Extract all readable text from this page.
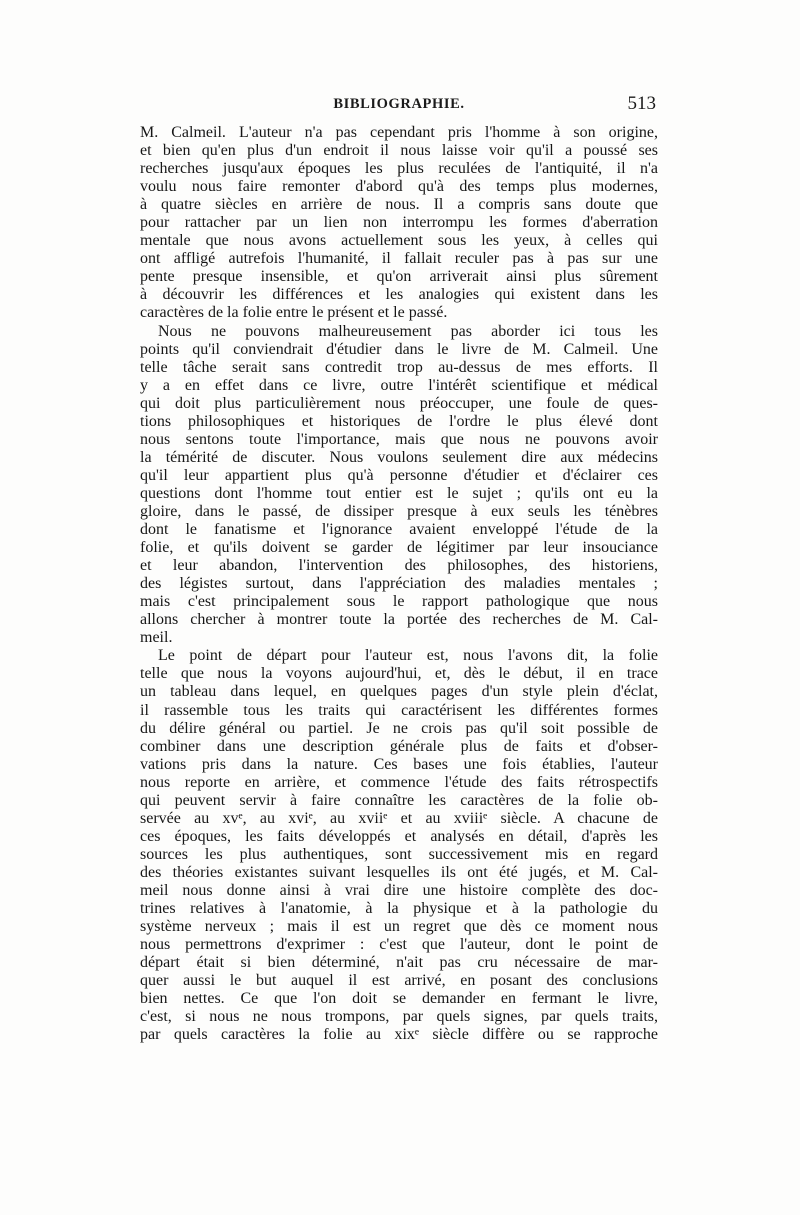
BIBLIOGRAPHIE.	513
M. Calmeil. L'auteur n'a pas cependant pris l'homme à son origine,
et bien qu'en plus d'un endroit il nous laisse voir qu'il a poussé ses
recherches jusqu'aux époques les plus reculées de l'antiquité, il n'a
voulu nous faire remonter d'abord qu'à des temps plus modernes,
à quatre siècles en arrière de nous. Il a compris sans doute que
pour rattacher par un lien non interrompu les formes d'aberration
mentale que nous avons actuellement sous les yeux, à celles qui
ont affligé autrefois l'humanité, il fallait reculer pas à pas sur une
pente presque insensible, et qu'on arriverait ainsi plus sûrement
à découvrir les différences et les analogies qui existent dans les
caractères de la folie entre le présent et le passé.
Nous ne pouvons malheureusement pas aborder ici tous les
points qu'il conviendrait d'étudier dans le livre de M. Calmeil. Une
telle tâche serait sans contredit trop au-dessus de mes efforts. Il
y a en effet dans ce livre, outre l'intérêt scientifique et médical
qui doit plus particulièrement nous préoccuper, une foule de ques-
tions philosophiques et historiques de l'ordre le plus élevé dont
nous sentons toute l'importance, mais que nous ne pouvons avoir
la témérité de discuter. Nous voulons seulement dire aux médecins
qu'il leur appartient plus qu'à personne d'étudier et d'éclairer ces
questions dont l'homme tout entier est le sujet ; qu'ils ont eu la
gloire, dans le passé, de dissiper presque à eux seuls les ténèbres
dont le fanatisme et l'ignorance avaient enveloppé l'étude de la
folie, et qu'ils doivent se garder de légitimer par leur insouciance
et leur abandon, l'intervention des philosophes, des historiens,
des légistes surtout, dans l'appréciation des maladies mentales ;
mais c'est principalement sous le rapport pathologique que nous
allons chercher à montrer toute la portée des recherches de M. Cal-
meil.
Le point de départ pour l'auteur est, nous l'avons dit, la folie
telle que nous la voyons aujourd'hui, et, dès le début, il en trace
un tableau dans lequel, en quelques pages d'un style plein d'éclat,
il rassemble tous les traits qui caractérisent les différentes formes
du délire général ou partiel. Je ne crois pas qu'il soit possible de
combiner dans une description générale plus de faits et d'obser-
vations pris dans la nature. Ces bases une fois établies, l'auteur
nous reporte en arrière, et commence l'étude des faits rétrospectifs
qui peuvent servir à faire connaître les caractères de la folie ob-
servée au xvᵉ, au xviᵉ, au xviiᵉ et au xviiiᵉ siècle. A chacune de
ces époques, les faits développés et analysés en détail, d'après les
sources les plus authentiques, sont successivement mis en regard
des théories existantes suivant lesquelles ils ont été jugés, et M. Cal-
meil nous donne ainsi à vrai dire une histoire complète des doc-
trines relatives à l'anatomie, à la physique et à la pathologie du
système nerveux ; mais il est un regret que dès ce moment nous
nous permettrons d'exprimer : c'est que l'auteur, dont le point de
départ était si bien déterminé, n'ait pas cru nécessaire de mar-
quer aussi le but auquel il est arrivé, en posant des conclusions
bien nettes. Ce que l'on doit se demander en fermant le livre,
c'est, si nous ne nous trompons, par quels signes, par quels traits,
par quels caractères la folie au xixᵉ siècle diffère ou se rapproche
